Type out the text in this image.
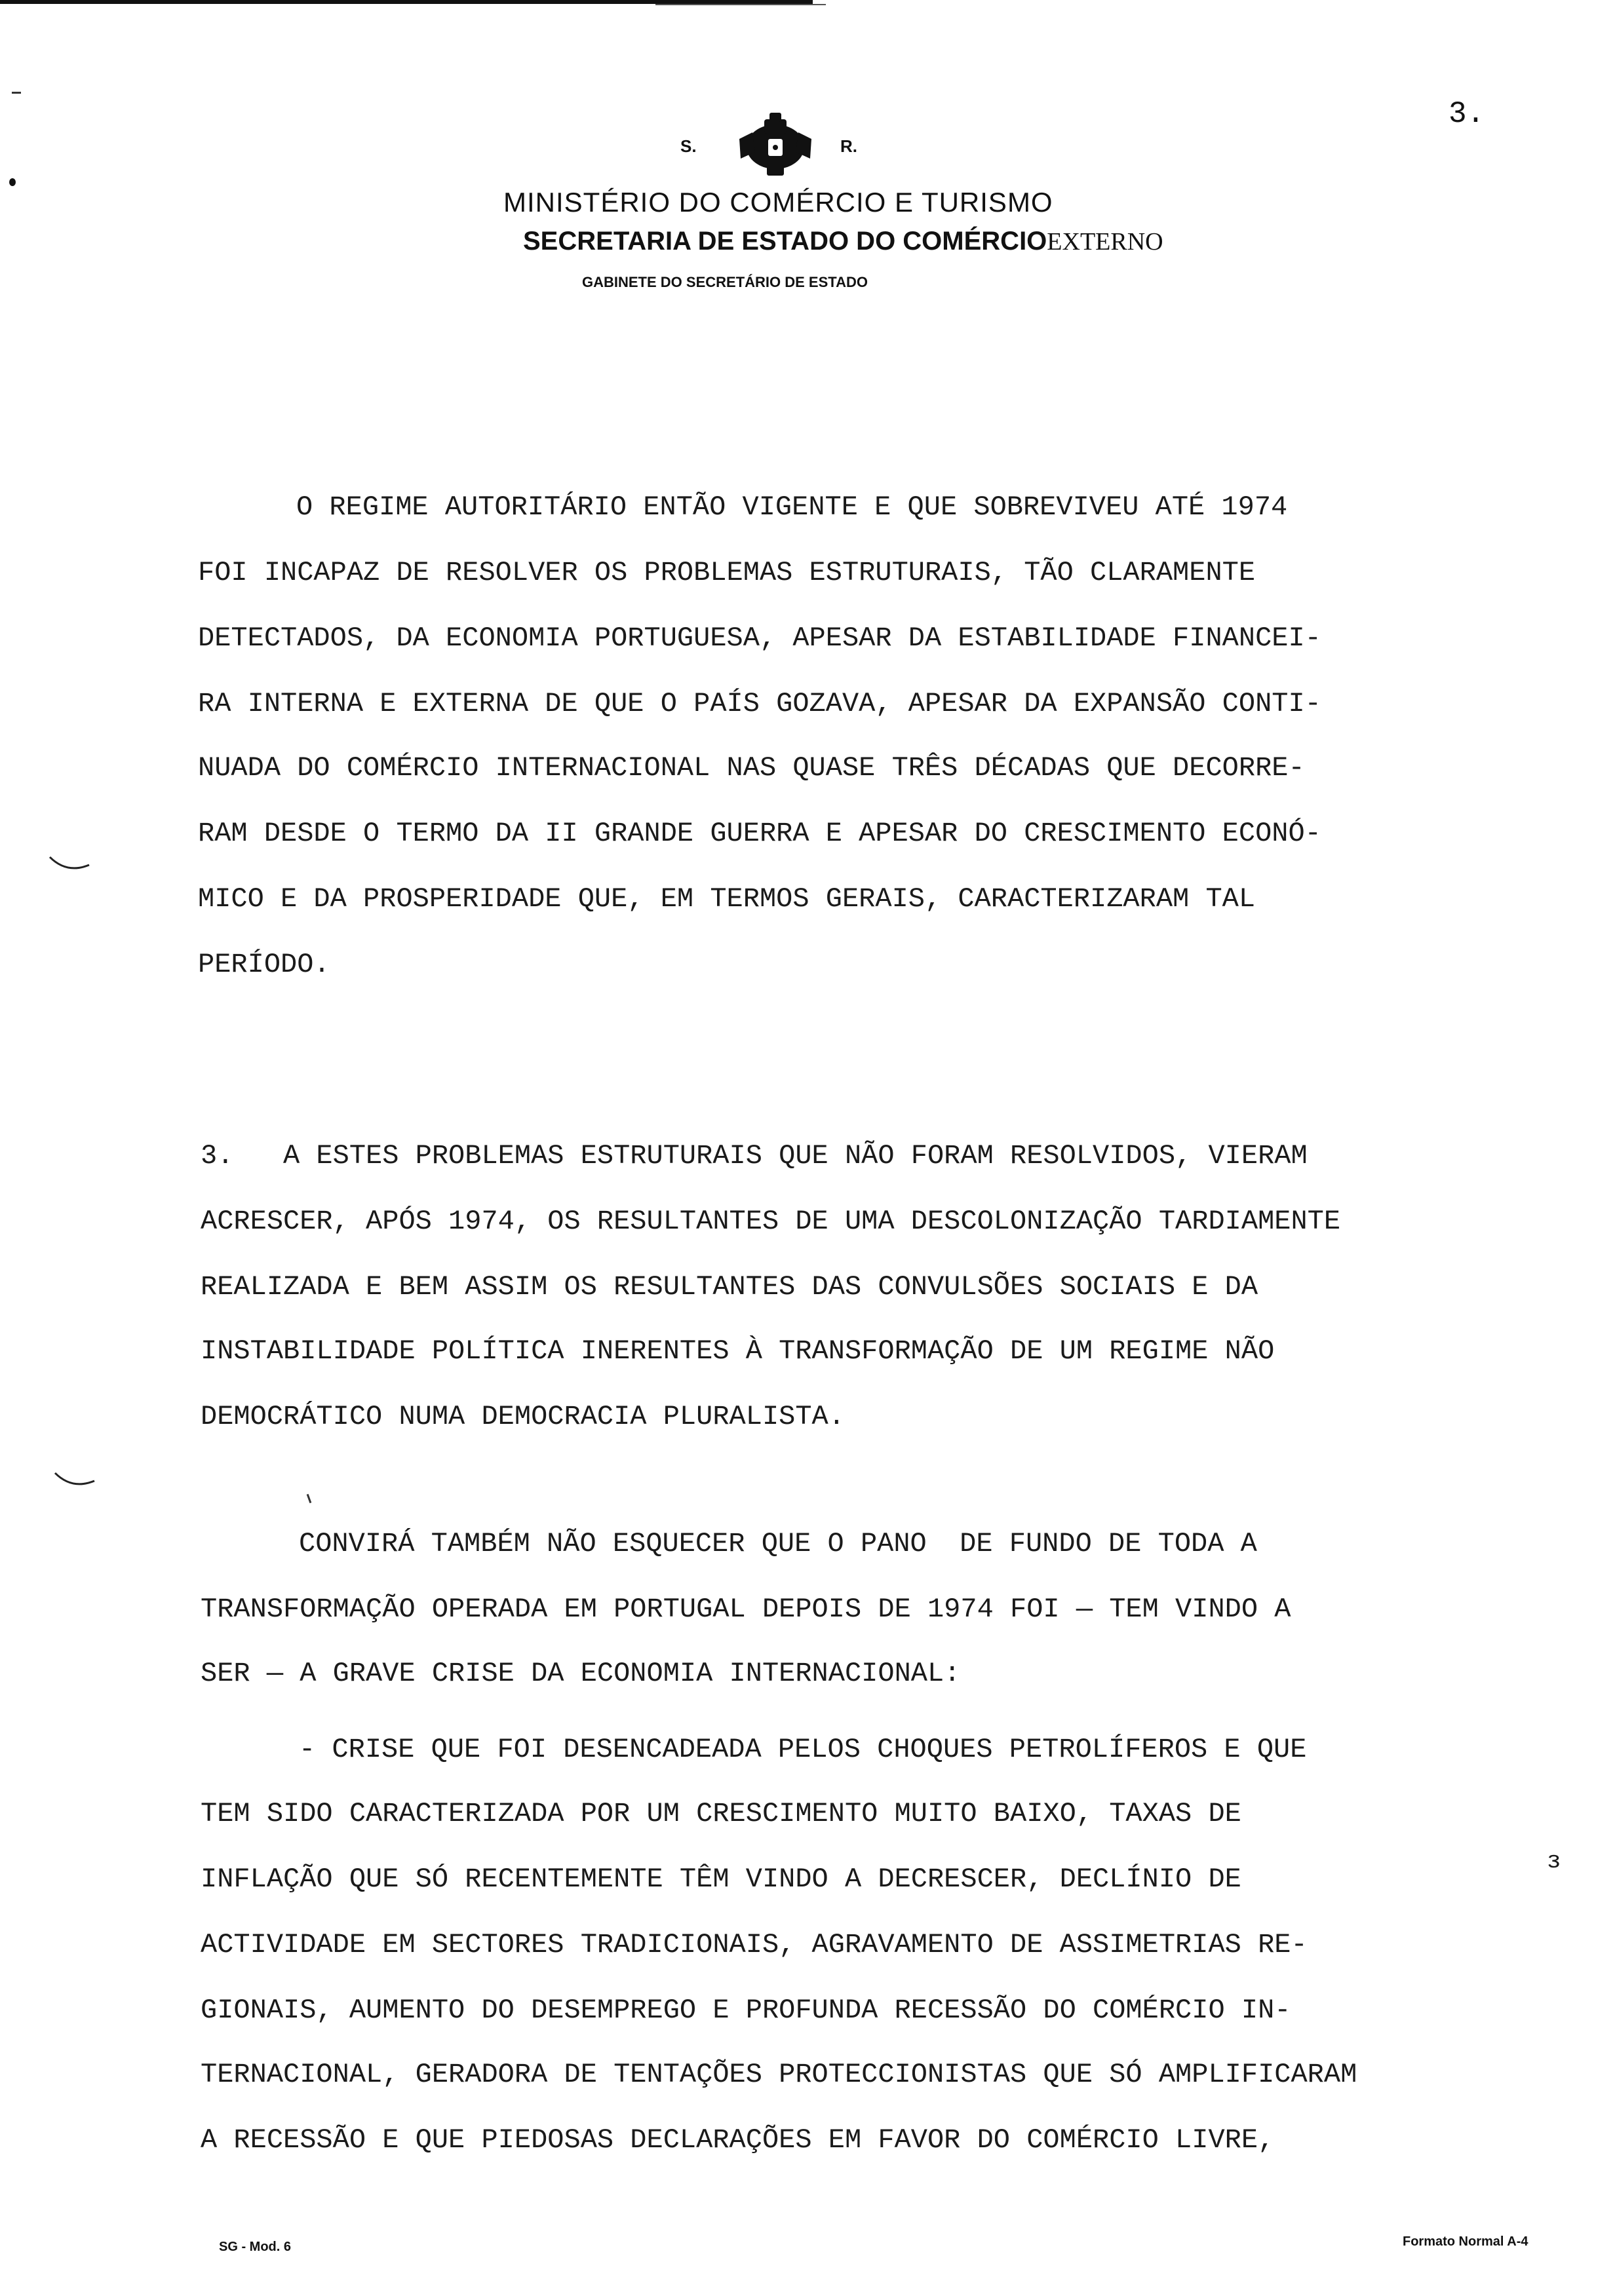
ɜ
3.
S.	R.
MINISTÉRIO DO COMÉRCIO E TURISMO
SECRETARIA DE ESTADO DO COMÉRCIOEXTERNO
GABINETE DO SECRETÁRIO DE ESTADO
O REGIME AUTORITÁRIO ENTÃO VIGENTE E QUE SOBREVIVEU ATÉ 1974
FOI INCAPAZ DE RESOLVER OS PROBLEMAS ESTRUTURAIS, TÃO CLARAMENTE
DETECTADOS, DA ECONOMIA PORTUGUESA, APESAR DA ESTABILIDADE FINANCEI-
RA INTERNA E EXTERNA DE QUE O PAÍS GOZAVA, APESAR DA EXPANSÃO CONTI-
NUADA DO COMÉRCIO INTERNACIONAL NAS QUASE TRÊS DÉCADAS QUE DECORRE-
RAM DESDE O TERMO DA II GRANDE GUERRA E APESAR DO CRESCIMENTO ECONÓ-
MICO E DA PROSPERIDADE QUE, EM TERMOS GERAIS, CARACTERIZARAM TAL
PERÍODO.
3.   A ESTES PROBLEMAS ESTRUTURAIS QUE NÃO FORAM RESOLVIDOS, VIERAM
ACRESCER, APÓS 1974, OS RESULTANTES DE UMA DESCOLONIZAÇÃO TARDIAMENTE
REALIZADA E BEM ASSIM OS RESULTANTES DAS CONVULSÕES SOCIAIS E DA
INSTABILIDADE POLÍTICA INERENTES À TRANSFORMAÇÃO DE UM REGIME NÃO
DEMOCRÁTICO NUMA DEMOCRACIA PLURALISTA.
CONVIRÁ TAMBÉM NÃO ESQUECER QUE O PANO  DE FUNDO DE TODA A
TRANSFORMAÇÃO OPERADA EM PORTUGAL DEPOIS DE 1974 FOI — TEM VINDO A
SER — A GRAVE CRISE DA ECONOMIA INTERNACIONAL:
- CRISE QUE FOI DESENCADEADA PELOS CHOQUES PETROLÍFEROS E QUE
TEM SIDO CARACTERIZADA POR UM CRESCIMENTO MUITO BAIXO, TAXAS DE
INFLAÇÃO QUE SÓ RECENTEMENTE TÊM VINDO A DECRESCER, DECLÍNIO DE
ACTIVIDADE EM SECTORES TRADICIONAIS, AGRAVAMENTO DE ASSIMETRIAS RE-
GIONAIS, AUMENTO DO DESEMPREGO E PROFUNDA RECESSÃO DO COMÉRCIO IN-
TERNACIONAL, GERADORA DE TENTAÇÕES PROTECCIONISTAS QUE SÓ AMPLIFICARAM
A RECESSÃO E QUE PIEDOSAS DECLARAÇÕES EM FAVOR DO COMÉRCIO LIVRE,
SG - Mod. 6	Formato Normal A-4
